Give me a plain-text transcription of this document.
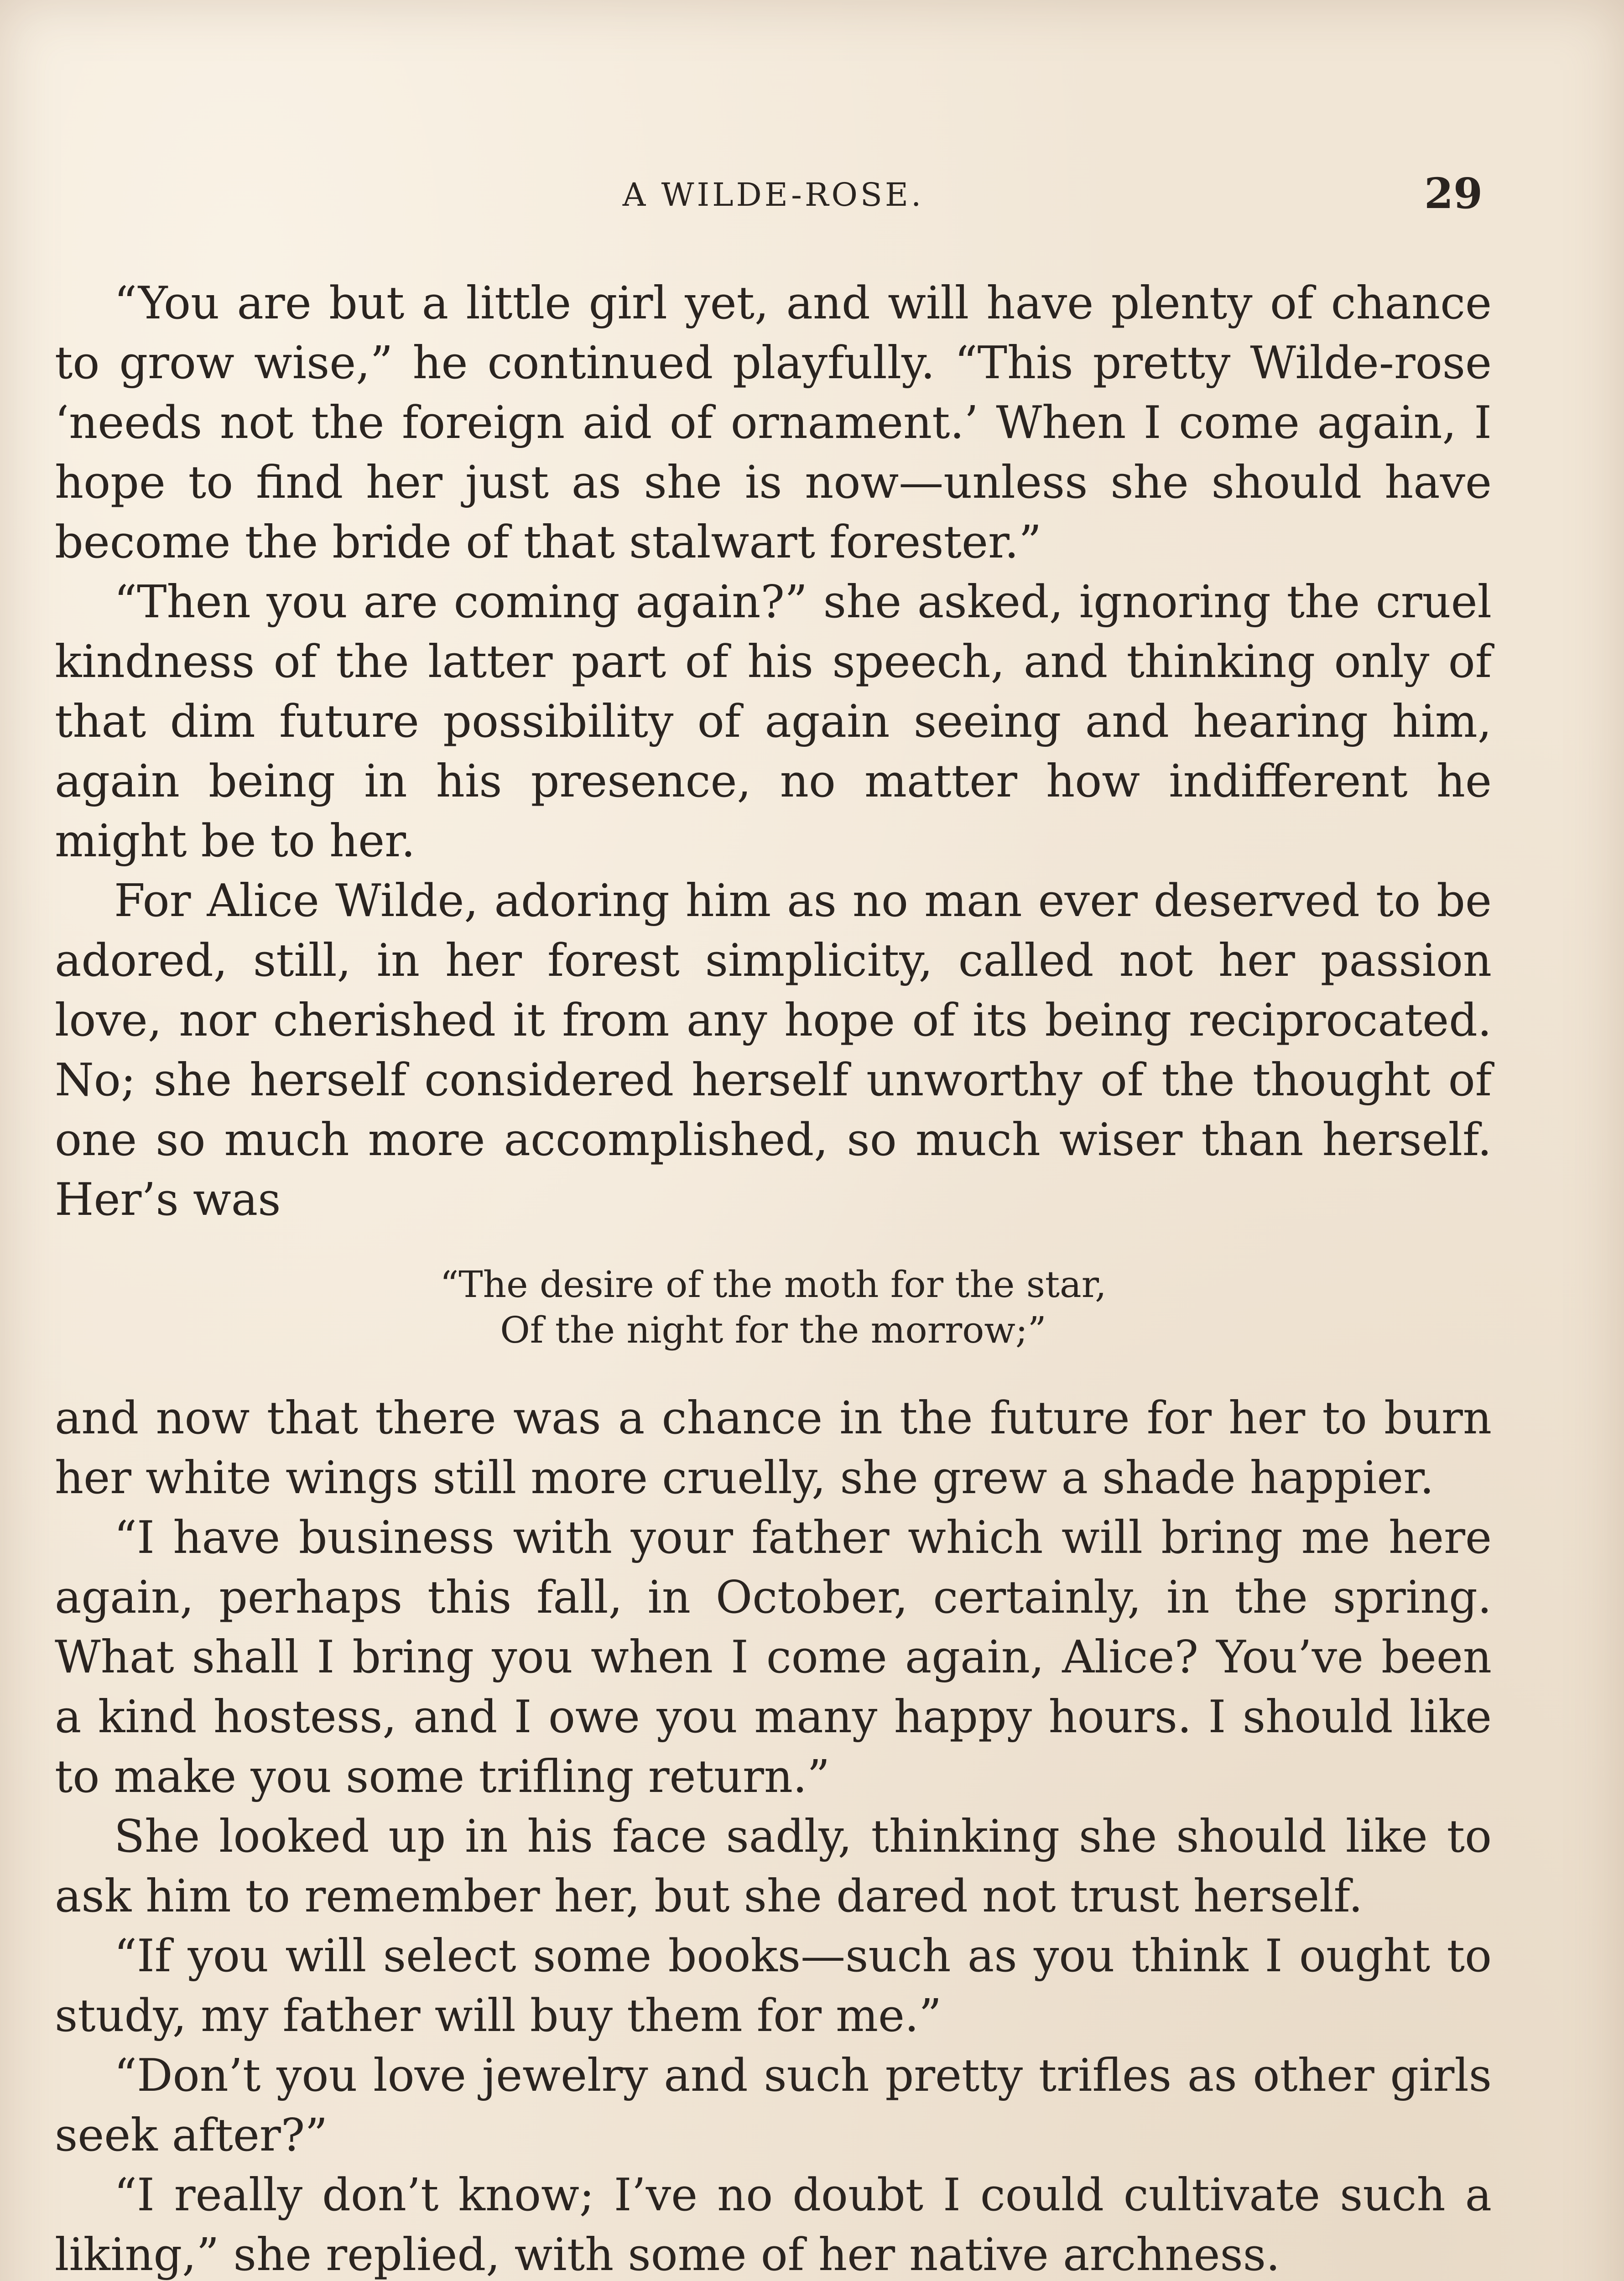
A WILDE-ROSE.	29

“You are but a little girl yet, and will have plenty of chance to grow wise,” he continued playfully. “This pretty Wilde-rose ‘needs not the foreign aid of ornament.’ When I come again, I hope to find her just as she is now—unless she should have become the bride of that stalwart forester.”

“Then you are coming again?” she asked, ignoring the cruel kindness of the latter part of his speech, and thinking only of that dim future possibility of again seeing and hearing him, again being in his presence, no matter how indifferent he might be to her.

For Alice Wilde, adoring him as no man ever deserved to be adored, still, in her forest simplicity, called not her passion love, nor cherished it from any hope of its being reciprocated. No; she herself considered herself unworthy of the thought of one so much more accomplished, so much wiser than herself. Her’s was

“The desire of the moth for the star,
Of the night for the morrow;”

and now that there was a chance in the future for her to burn her white wings still more cruelly, she grew a shade happier.

“I have business with your father which will bring me here again, perhaps this fall, in October, certainly, in the spring. What shall I bring you when I come again, Alice? You’ve been a kind hostess, and I owe you many happy hours. I should like to make you some trifling return.”

She looked up in his face sadly, thinking she should like to ask him to remember her, but she dared not trust herself.

“If you will select some books—such as you think I ought to study, my father will buy them for me.”

“Don’t you love jewelry and such pretty trifles as other girls seek after?”

“I really don’t know; I’ve no doubt I could cultivate such a liking,” she replied, with some of her native archness.
